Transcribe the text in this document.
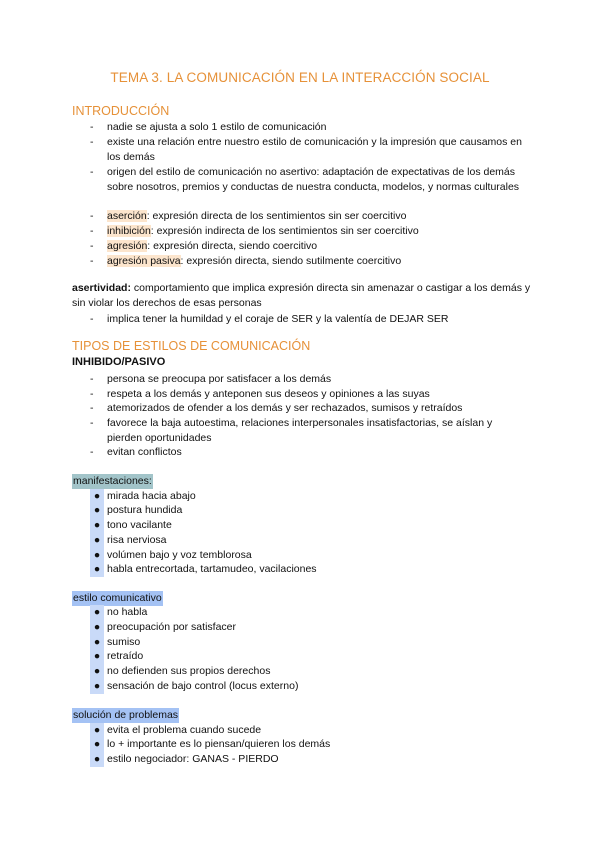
TEMA 3. LA COMUNICACIÓN EN LA INTERACCIÓN SOCIAL
INTRODUCCIÓN
- nadie se ajusta a solo 1 estilo de comunicación
- existe una relación entre nuestro estilo de comunicación y la impresión que causamos en los demás
- origen del estilo de comunicación no asertivo: adaptación de expectativas de los demás sobre nosotros, premios y conductas de nuestra conducta, modelos, y normas culturales
- aserción: expresión directa de los sentimientos sin ser coercitivo
- inhibición: expresión indirecta de los sentimientos sin ser coercitivo
- agresión: expresión directa, siendo coercitivo
- agresión pasiva: expresión directa, siendo sutilmente coercitivo
asertividad: comportamiento que implica expresión directa sin amenazar o castigar a los demás y sin violar los derechos de esas personas
- implica tener la humildad y el coraje de SER y la valentía de DEJAR SER
TIPOS DE ESTILOS DE COMUNICACIÓN
INHIBIDO/PASIVO
- persona se preocupa por satisfacer a los demás
- respeta a los demás y anteponen sus deseos y opiniones a las suyas
- atemorizados de ofender a los demás y ser rechazados, sumisos y retraídos
- favorece la baja autoestima, relaciones interpersonales insatisfactorias, se aíslan y pierden oportunidades
- evitan conflictos
manifestaciones:
● mirada hacia abajo
● postura hundida
● tono vacilante
● risa nerviosa
● volúmen bajo y voz temblorosa
● habla entrecortada, tartamudeo, vacilaciones
estilo comunicativo
● no habla
● preocupación por satisfacer
● sumiso
● retraído
● no defienden sus propios derechos
● sensación de bajo control (locus externo)
solución de problemas
● evita el problema cuando sucede
● lo + importante es lo piensan/quieren los demás
● estilo negociador: GANAS - PIERDO
